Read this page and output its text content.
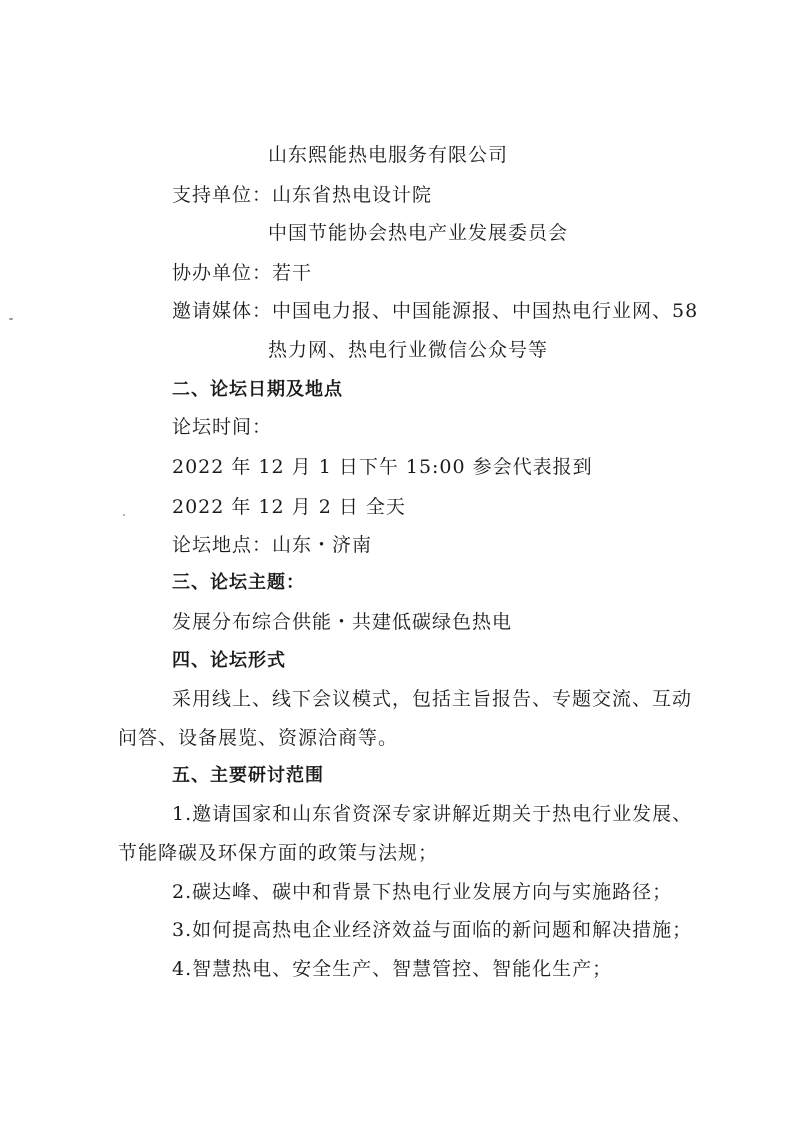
山东熙能热电服务有限公司
支持单位：山东省热电设计院
中国节能协会热电产业发展委员会
协办单位：若干
邀请媒体：中国电力报、中国能源报、中国热电行业网、58
热力网、热电行业微信公众号等
二、论坛日期及地点
论坛时间：
2022 年 12 月 1 日下午 15:00 参会代表报到
2022 年 12 月 2 日 全天
论坛地点：山东・济南
三、论坛主题：
发展分布综合供能・共建低碳绿色热电
四、论坛形式
采用线上、线下会议模式，包括主旨报告、专题交流、互动
问答、设备展览、资源洽商等。
五、主要研讨范围
1.邀请国家和山东省资深专家讲解近期关于热电行业发展、
节能降碳及环保方面的政策与法规；
2.碳达峰、碳中和背景下热电行业发展方向与实施路径；
3.如何提高热电企业经济效益与面临的新问题和解决措施；
4.智慧热电、安全生产、智慧管控、智能化生产；
